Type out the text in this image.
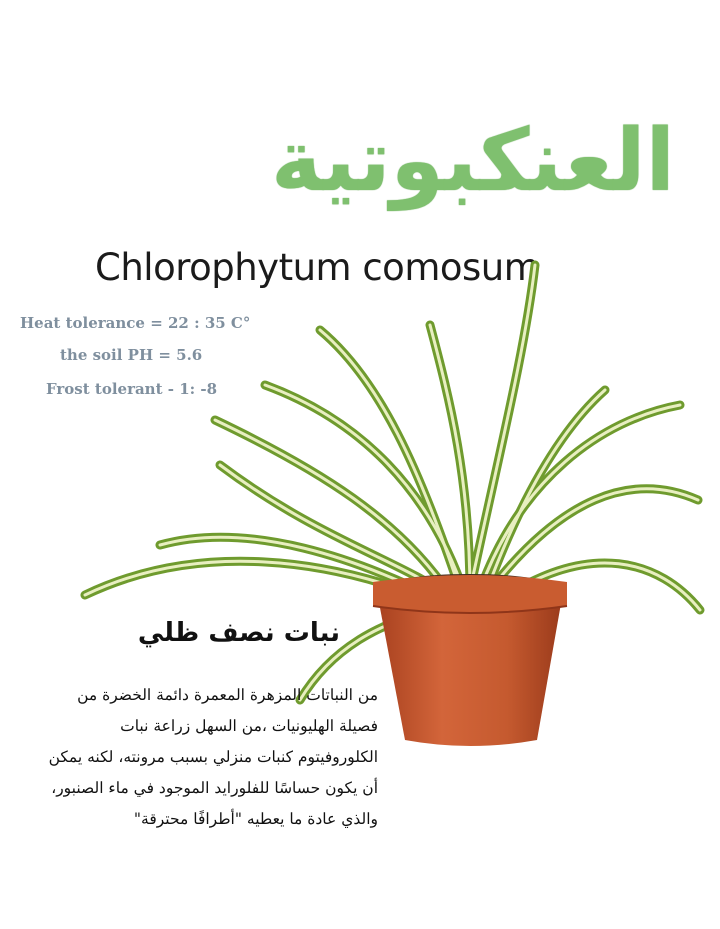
العنكبوتية
Chlorophytum comosum
Heat tolerance = 22 : 35 C°
the soil PH = 5.6
Frost tolerant - 1: -8
نبات نصف ظلي
من النباتات المزهرة المعمرة دائمة الخضرة من فصيلة الهليونيات ،من السهل زراعة نبات الكلوروفيتوم كنبات منزلي بسبب مرونته، لكنه يمكن أن يكون حساسًا للفلورايد الموجود في ماء الصنبور، والذي عادة ما يعطيه "أطرافًا محترقة"
